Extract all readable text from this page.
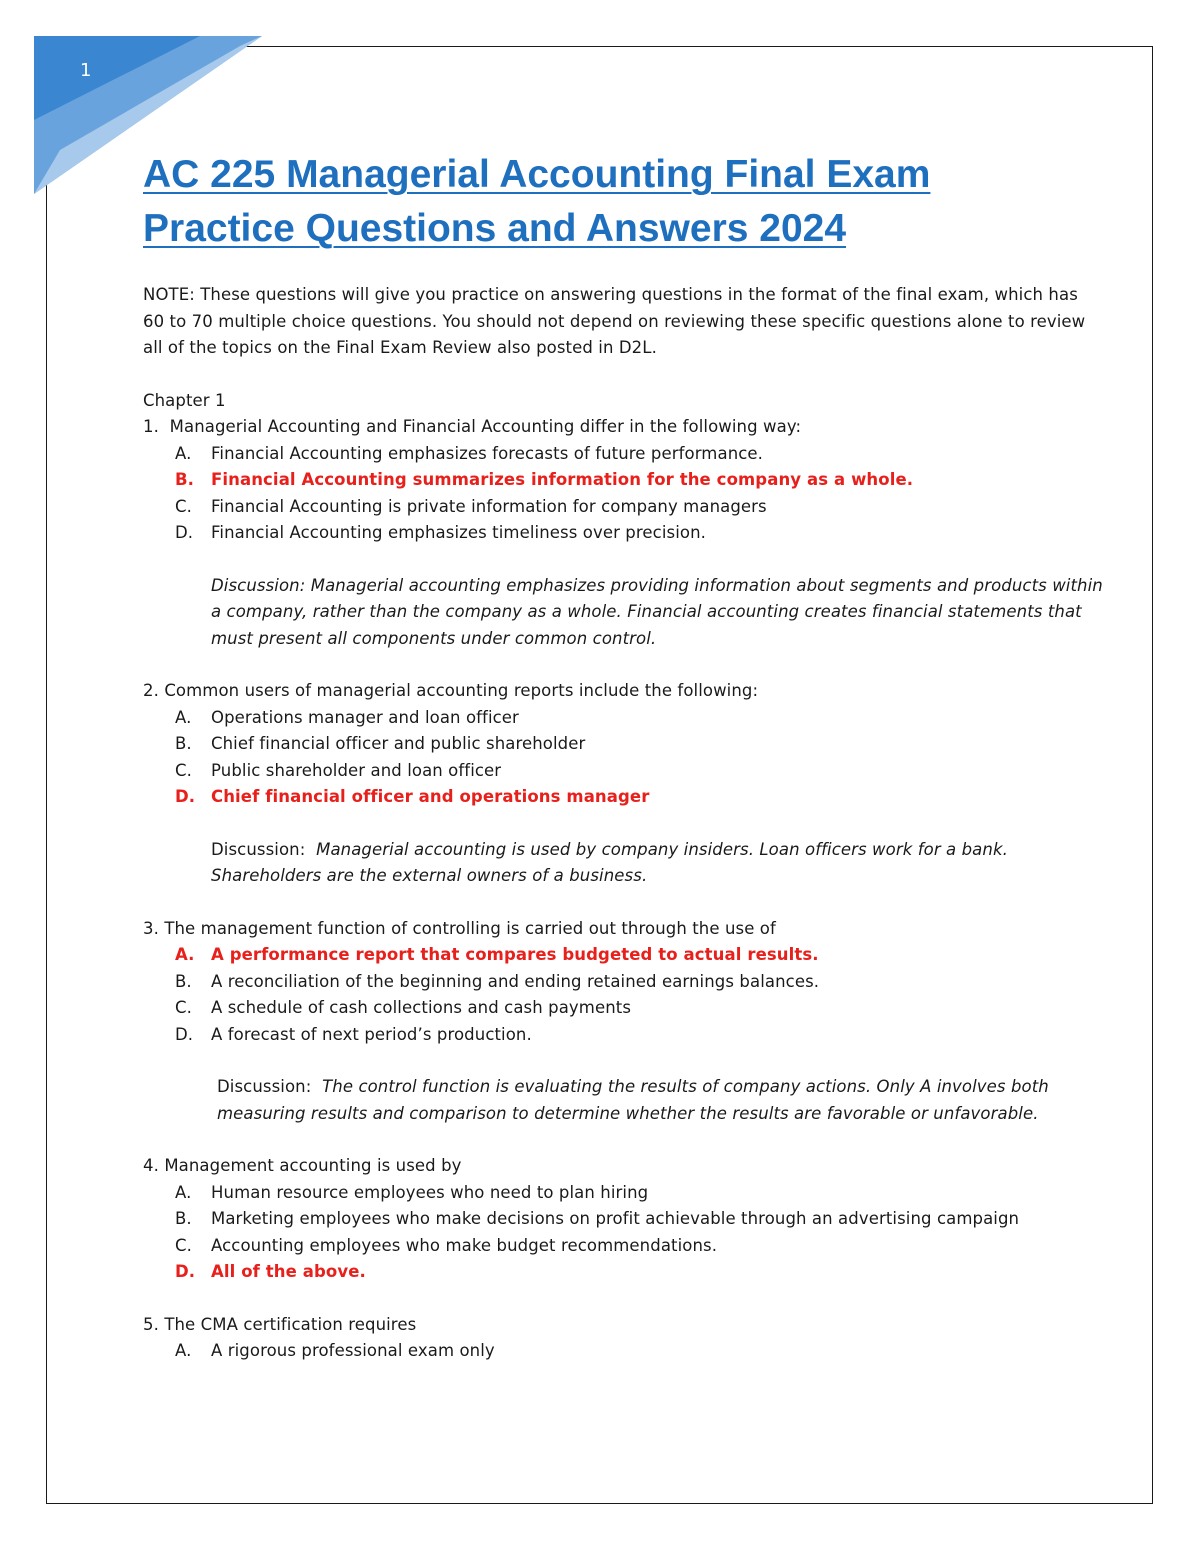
1
AC 225 Managerial Accounting Final Exam
Practice Questions and Answers 2024

NOTE: These questions will give you practice on answering questions in the format of the final exam, which has 60 to 70 multiple choice questions. You should not depend on reviewing these specific questions alone to review all of the topics on the Final Exam Review also posted in D2L.

Chapter 1

1. Managerial Accounting and Financial Accounting differ in the following way:

A.	Financial Accounting emphasizes forecasts of future performance.
B.	Financial Accounting summarizes information for the company as a whole.
C.	Financial Accounting is private information for company managers
D.	Financial Accounting emphasizes timeliness over precision.

Discussion: Managerial accounting emphasizes providing information about segments and products within a company, rather than the company as a whole. Financial accounting creates financial statements that must present all components under common control.

2. Common users of managerial accounting reports include the following:

A.	Operations manager and loan officer
B.	Chief financial officer and public shareholder
C.	Public shareholder and loan officer
D. Chief financial officer and operations manager

Discussion: Managerial accounting is used by company insiders. Loan officers work for a bank. Shareholders are the external owners of a business.

3. The management function of controlling is carried out through the use of

A. A performance report that compares budgeted to actual results.
B.	A reconciliation of the beginning and ending retained earnings balances.
C.	A schedule of cash collections and cash payments
D.	A forecast of next period’s production.

Discussion: The control function is evaluating the results of company actions. Only A involves both measuring results and comparison to determine whether the results are favorable or unfavorable.

4. Management accounting is used by

A.	Human resource employees who need to plan hiring
B.	Marketing employees who make decisions on profit achievable through an advertising campaign
C.	Accounting employees who make budget recommendations.
D. All of the above.

5. The CMA certification requires

A.	A rigorous professional exam only
